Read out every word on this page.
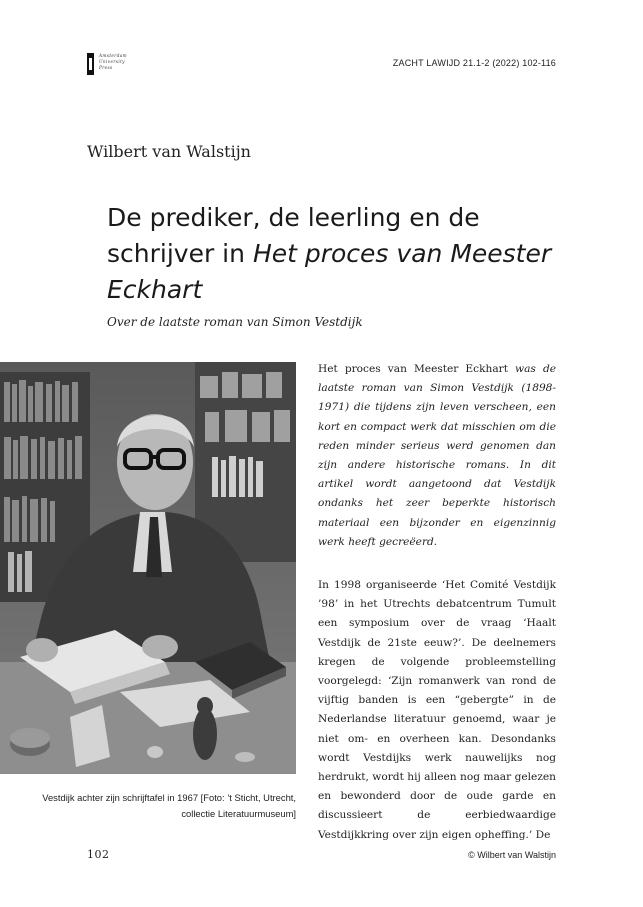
Amsterdam
University
Press	ZACHT LAWIJD 21.1-2 (2022) 102-116
Wilbert van Walstijn
De prediker, de leerling en de schrijver in Het proces van Meester Eckhart
Over de laatste roman van Simon Vestdijk
Vestdijk achter zijn schrijftafel in 1967 [Foto: ’t Sticht, Utrecht, collectie Literatuurmuseum]

Het proces van Meester Eckhart was de laatste roman van Simon Vestdijk (1898-1971) die tijdens zijn leven verscheen, een kort en compact werk dat misschien om die reden minder serieus werd genomen dan zijn andere historische romans. In dit artikel wordt aangetoond dat Vestdijk ondanks het zeer beperkte historisch materiaal een bijzonder en eigenzinnig werk heeft gecreëerd.

In 1998 organiseerde ‘Het Comité Vestdijk ’98’ in het Utrechts debatcentrum Tumult een symposium over de vraag ‘Haalt Vestdijk de 21ste eeuw?’. De deelnemers kregen de volgende probleemstelling voorgelegd: ‘Zijn romanwerk van rond de vijftig banden is een “gebergte” in de Nederlandse literatuur genoemd, waar je niet om- en overheen kan. Desondanks wordt Vestdijks werk nauwelijks nog herdrukt, wordt hij alleen nog maar gelezen en bewonderd door de oude garde en discussieert de eerbiedwaardige Vestdijkkring over zijn eigen opheffing.’ De

102	© Wilbert van Walstijn
